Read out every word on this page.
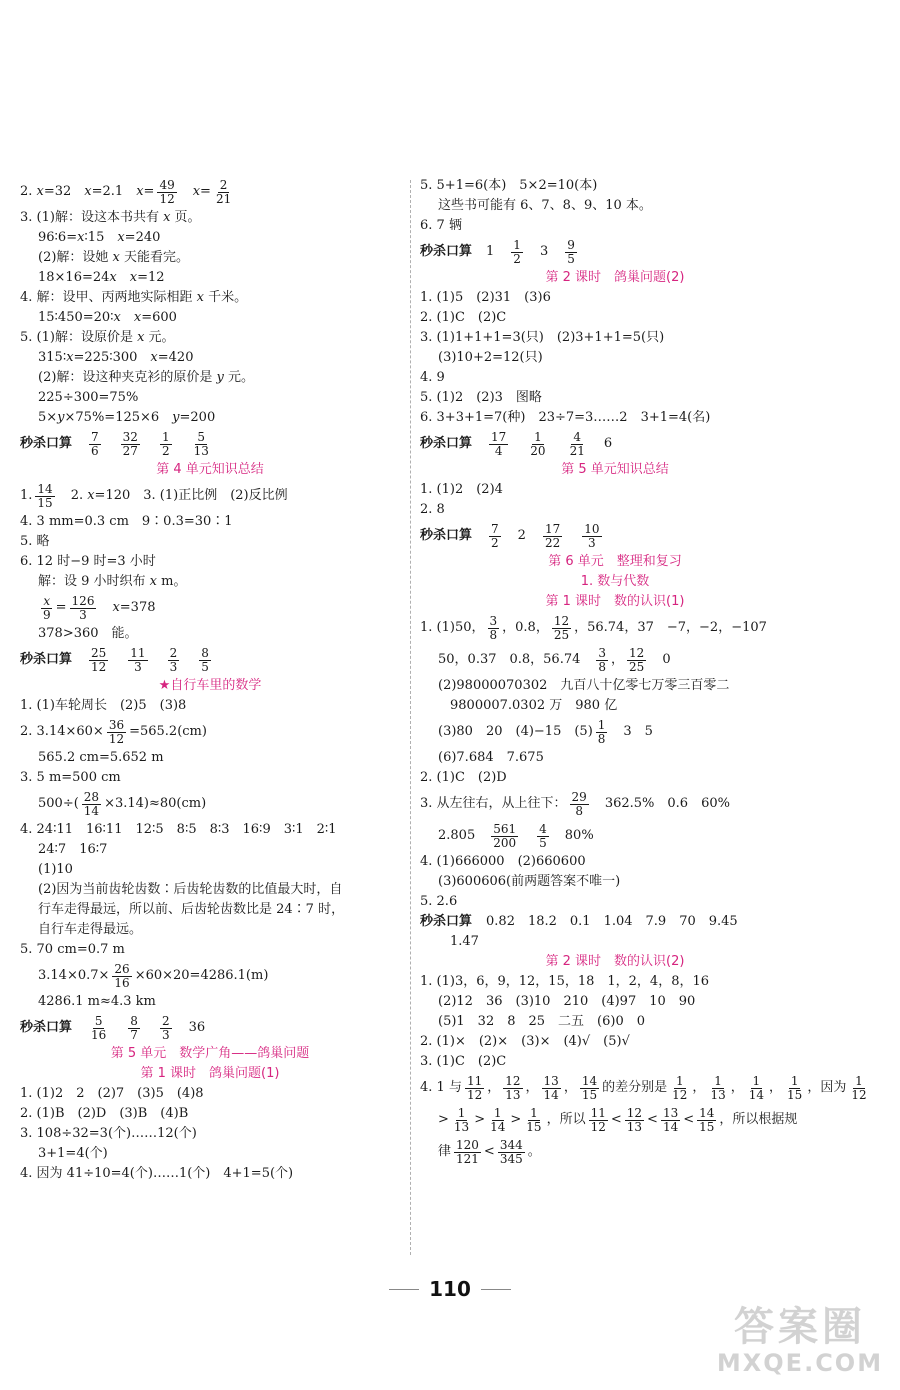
2. 𝑥=32　𝑥=2.1　𝑥= $\frac{49}{12}$ 　𝑥= $\frac{2}{21}$
3. (1)解：设这本书共有 𝑥 页。
96∶6=𝑥∶15　𝑥=240
(2)解：设她 𝑥 天能看完。
18×16=24𝑥　𝑥=12
4. 解：设甲、丙两地实际相距 𝑥 千米。
15∶450=20∶𝑥　𝑥=600
5. (1)解：设原价是 𝑥 元。
315∶𝑥=225∶300　𝑥=420
(2)解：设这种夹克衫的原价是 𝑦 元。
225÷300=75%
5×𝑦×75%=125×6　𝑦=200
秒杀口算 $\frac{7}{6} \frac{32}{27} \frac{1}{2} \frac{5}{13}$
第 4 单元知识总结
1. $\frac{14}{15}$ 　2. 𝑥=120　3. (1)正比例　(2)反比例
4. 3 mm=0.3 cm　9∶0.3=30∶1
5. 略
6. 12 时−9 时=3 小时
解：设 9 小时织布 𝑥 m。
𝑥
$9 = \frac{126}{3}$ 　𝑥=378
378>360　能。
秒杀口算 $\frac{25}{12} \frac{11}{3} \frac{2}{3} \frac{8}{5}$
★自行车里的数学
1. (1)车轮周长　(2)5　(3)8
2. $3.14\times 60\times \frac{36}{12} =565.2(cm)$
565.2 cm=5.652 m
3. 5 m=500 cm
$500\div( \frac{28}{14} \times 3.14)\approx 80(cm)$
4. 24∶11　16∶11　12∶5　8∶5　8∶3　16∶9　3∶1　2∶1
24∶7　16∶7
(1)10
(2)因为当前齿轮齿数∶后齿轮齿数的比值最大时，自
行车走得最远，所以前、后齿轮齿数比是 24∶7 时，
自行车走得最远。
5. 70 cm=0.7 m
$3.14\times 0.7\times \frac{26}{16} \times 60\times 20=4286.1(m)$
4286.1 m≈4.3 km
秒杀口算 $\frac{5}{16} \frac{8}{7} \frac{2}{3} 36$
第 5 单元　数学广角——鸽巢问题
第 1 课时　鸽巢问题(1)
1. (1)2　2　(2)7　(3)5　(4)8
2. (1)B　(2)D　(3)B　(4)B
3. 108÷32=3(个)……12(个)
3+1=4(个)
4. 因为 41÷10=4(个)……1(个)　4+1=5(个)
5. 5+1=6(本)　5×2=10(本)
这些书可能有 6、7、8、9、10 本。
6. 7 辆
秒杀口算 $1 \frac{1}{2} 3 \frac{9}{5}$
第 2 课时　鸽巢问题(2)
1. (1)5　(2)31　(3)6
2. (1)C　(2)C
3. (1)1+1+1=3(只)　(2)3+1+1=5(只)
(3)10+2=12(只)
4. 9
5. (1)2　(2)3　图略
6. 3+3+1=7(种)　23÷7=3……2　3+1=4(名)
秒杀口算 $\frac{17}{4} \frac{1}{20} \frac{4}{21} 6$
第 5 单元知识总结
1. (1)2　(2)4
2. 8
秒杀口算 $\frac{7}{2} 2 \frac{17}{22} \frac{10}{3}$
第 6 单元　整理和复习
1. 数与代数
第 1 课时　数的认识(1)
1. (1)50， $\frac{3}{8}$ ，0.8， $\frac{12}{25}$ ，56.74，37　−7，−2，−107
50，0.37　0.8，56.74　 $\frac{3}{8}$ ， $\frac{12}{25}$ 　0
(2)98000070302　九百八十亿零七万零三百零二
9800007.0302 万　980 亿
(3)80　20　(4)−15　$(5) \frac{1}{8}$ 　3　5
(6)7.684　7.675
2. (1)C　(2)D
3. 从左往右，从上往下： $\frac{29}{8}$ 　362.5%　0.6　60%
2.805　 $\frac{561}{200}$
　 $\frac{4}{5}$ 　80%
4. (1)666000　(2)660600
(3)600606(前两题答案不唯一)
5. 2.6
秒杀口算 0.82　18.2　0.1　1.04　7.9　70　9.45
1.47
第 2 课时　数的认识(2)
1. (1)3，6，9，12，15，18　1，2，4，8，16
(2)12　36　(3)10　210　(4)97　10　90
(5)1　32　8　25　二五　(6)0　0
2. (1)×　(2)×　(3)×　(4)√　(5)√
3. (1)C　(2)C
4. 1 与 $\frac{11}{12}$ ， $\frac{12}{13}$ ， $\frac{13}{14}$ ， $\frac{14}{15}$ 的差分别是 $\frac{1}{12}$ ， $\frac{1}{13}$ ， $\frac{1}{14}$ ， $\frac{1}{15}$ ，因为 $\frac{1}{12}$
> $\frac{1}{13} > \frac{1}{14} > \frac{1}{15}$ ，所以 $\frac{11}{12} < \frac{12}{13} < \frac{13}{14} < \frac{14}{15}$ ，所以根据规
律 $\frac{120}{121} < \frac{344}{345}$ 。
110
答案圈
MXQE.COM
